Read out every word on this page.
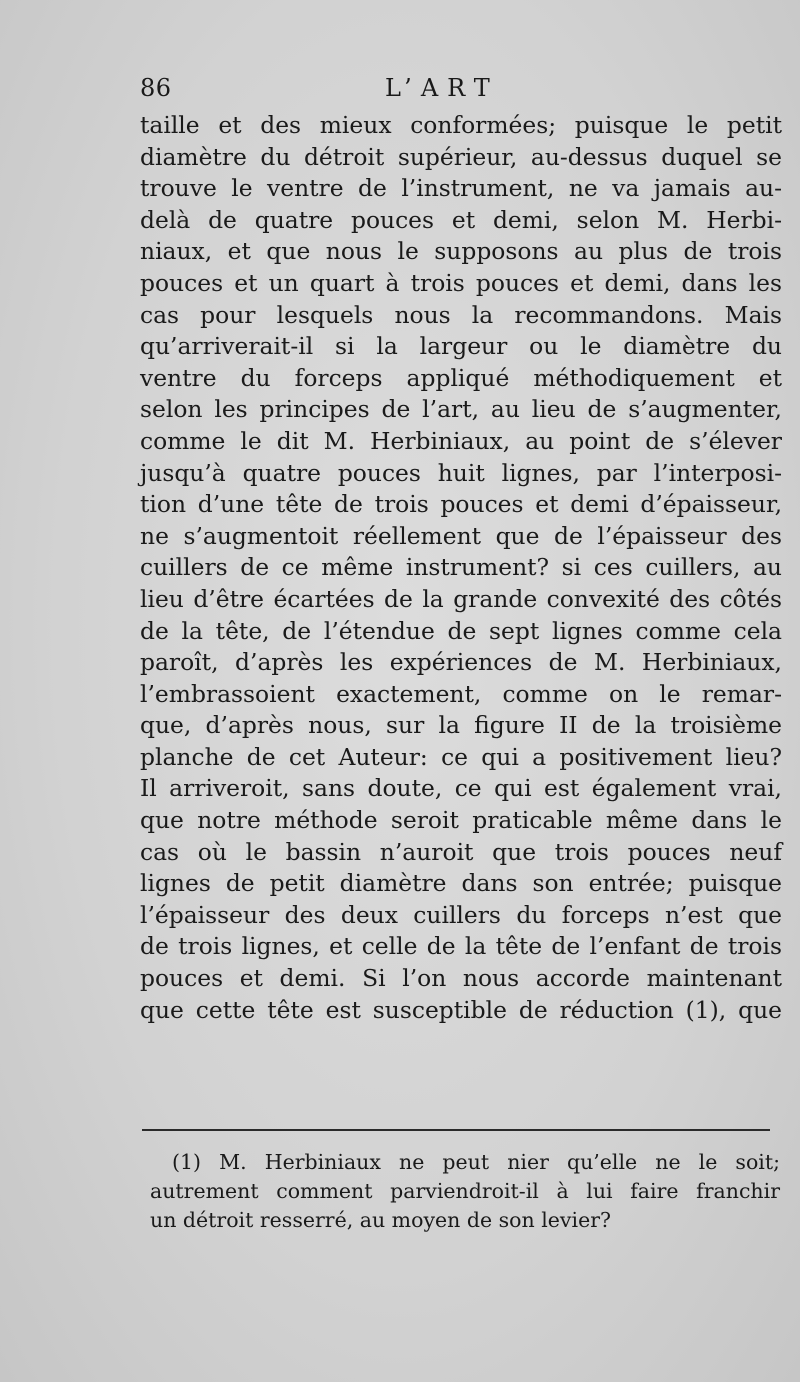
86	L’ART
taille et des mieux conformées; puisque le petit
diamètre du détroit supérieur, au-dessus duquel se
trouve le ventre de l’instrument, ne va jamais au-
delà de quatre pouces et demi, selon M. Herbi-
niaux, et que nous le supposons au plus de trois
pouces et un quart à trois pouces et demi, dans les
cas pour lesquels nous la recommandons. Mais
qu’arriverait-il si la largeur ou le diamètre du
ventre du forceps appliqué méthodiquement et
selon les principes de l’art, au lieu de s’augmenter,
comme le dit M. Herbiniaux, au point de s’élever
jusqu’à quatre pouces huit lignes, par l’interposi-
tion d’une tête de trois pouces et demi d’épaisseur,
ne s’augmentoit réellement que de l’épaisseur des
cuillers de ce même instrument? si ces cuillers, au
lieu d’être écartées de la grande convexité des côtés
de la tête, de l’étendue de sept lignes comme cela
paroît, d’après les expériences de M. Herbiniaux,
l’embrassoient exactement, comme on le remar-
que, d’après nous, sur la figure II de la troisième
planche de cet Auteur: ce qui a positivement lieu?
Il arriveroit, sans doute, ce qui est également vrai,
que notre méthode seroit praticable même dans le
cas où le bassin n’auroit que trois pouces neuf
lignes de petit diamètre dans son entrée; puisque
l’épaisseur des deux cuillers du forceps n’est que
de trois lignes, et celle de la tête de l’enfant de trois
pouces et demi. Si l’on nous accorde maintenant
que cette tête est susceptible de réduction (1), que
(1) M. Herbiniaux ne peut nier qu’elle ne le soit;
autrement comment parviendroit-il à lui faire franchir
un détroit resserré, au moyen de son levier?
